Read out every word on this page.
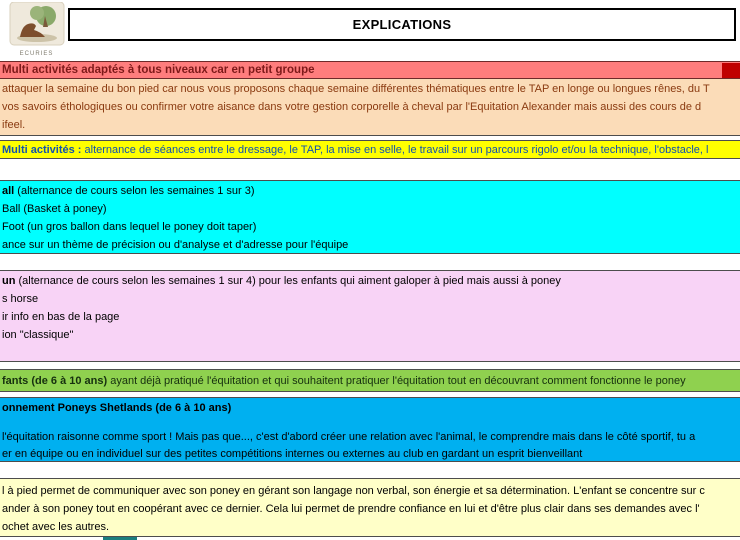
ECURIES
EXPLICATIONS
Multi activités adaptés à tous niveaux car en petit groupe
attaquer la semaine du bon pied car nous vous proposons chaque semaine différentes thématiques entre le TAP en longe ou longues rênes, du T
vos savoirs éthologiques ou confirmer votre aisance dans votre gestion corporelle à cheval par l'Equitation Alexander mais aussi des cours de d
ifeel.
Multi activités : alternance de séances entre le dressage, le TAP, la mise en selle, le travail sur un parcours rigolo et/ou la technique, l'obstacle, l
all (alternance de cours selon les semaines 1 sur 3)
Ball (Basket à poney)
Foot (un gros ballon dans lequel le poney doit taper)
ance sur un thème de précision ou d'analyse et d'adresse pour l'équipe
un (alternance de cours selon les semaines 1 sur 4) pour les enfants qui aiment galoper à pied mais aussi à poney
s horse
ir info en bas de la page
ion "classique"
fants (de 6 à 10 ans) ayant déjà pratiqué l'équitation et qui souhaitent pratiquer l'équitation tout en découvrant comment fonctionne le poney
onnement Poneys Shetlands (de 6 à 10 ans)
l'équitation raisonne comme sport ! Mais pas que..., c'est d'abord créer une relation avec l'animal, le comprendre mais dans le côté sportif, tu a
er en équipe ou en individuel sur des petites compétitions internes ou externes au club en gardant un esprit bienveillant
l à pied permet de communiquer avec son poney en gérant son langage non verbal, son énergie et sa détermination. L'enfant se concentre sur c
ander à son poney tout en coopérant avec ce dernier. Cela lui permet de prendre confiance en lui et d'être plus clair dans ses demandes avec l'
ochet avec les autres.
